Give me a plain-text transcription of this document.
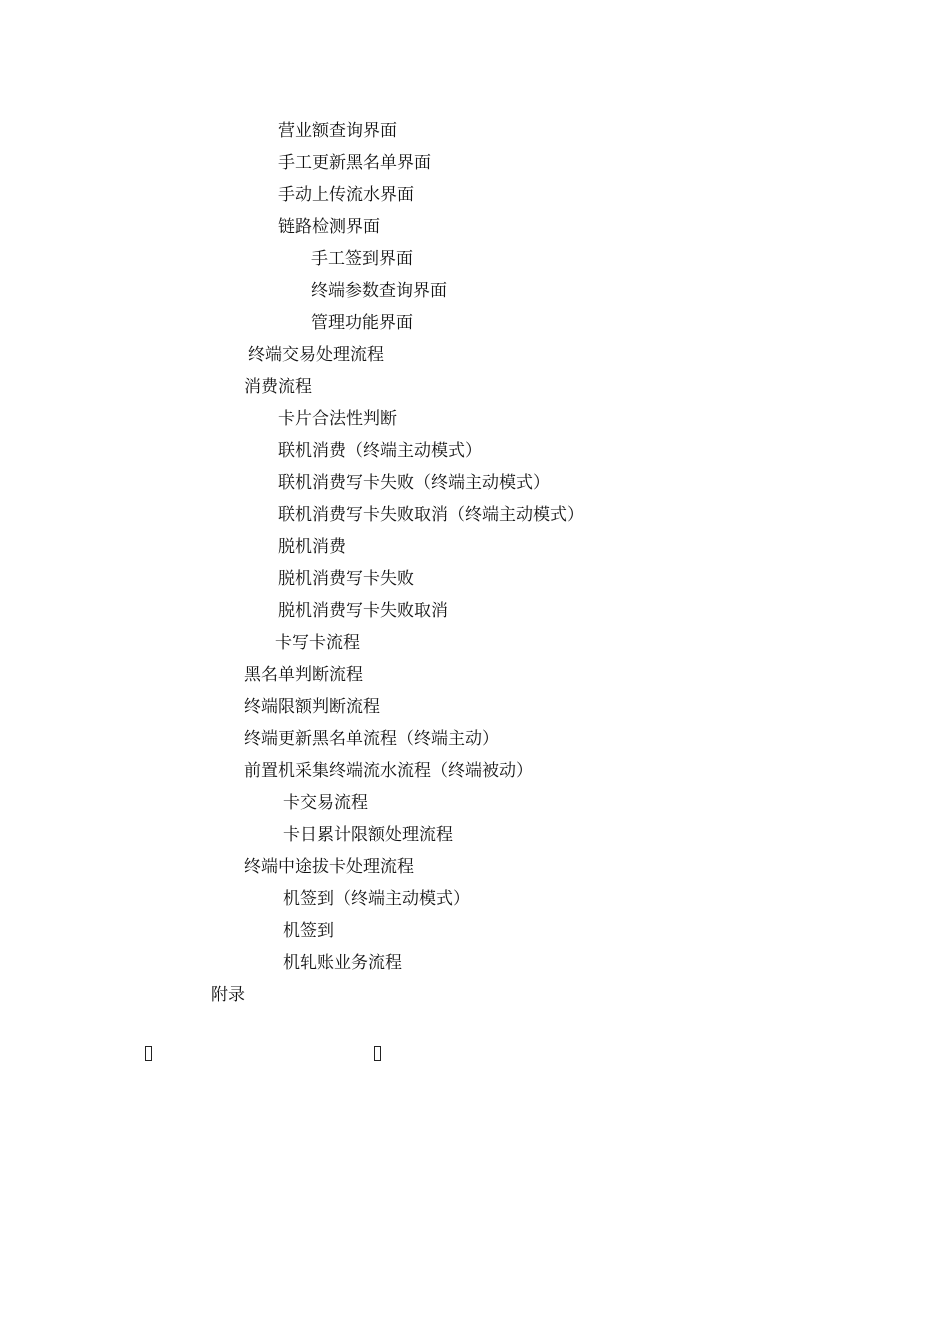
营业额查询界面
手工更新黑名单界面
手动上传流水界面
链路检测界面
手工签到界面
终端参数查询界面
管理功能界面
终端交易处理流程
消费流程
卡片合法性判断
联机消费（终端主动模式）
联机消费写卡失败（终端主动模式）
联机消费写卡失败取消（终端主动模式）
脱机消费
脱机消费写卡失败
脱机消费写卡失败取消
卡写卡流程
黑名单判断流程
终端限额判断流程
终端更新黑名单流程（终端主动）
前置机采集终端流水流程（终端被动）
卡交易流程
卡日累计限额处理流程
终端中途拔卡处理流程
机签到（终端主动模式）
机签到
机轧账业务流程
附录
